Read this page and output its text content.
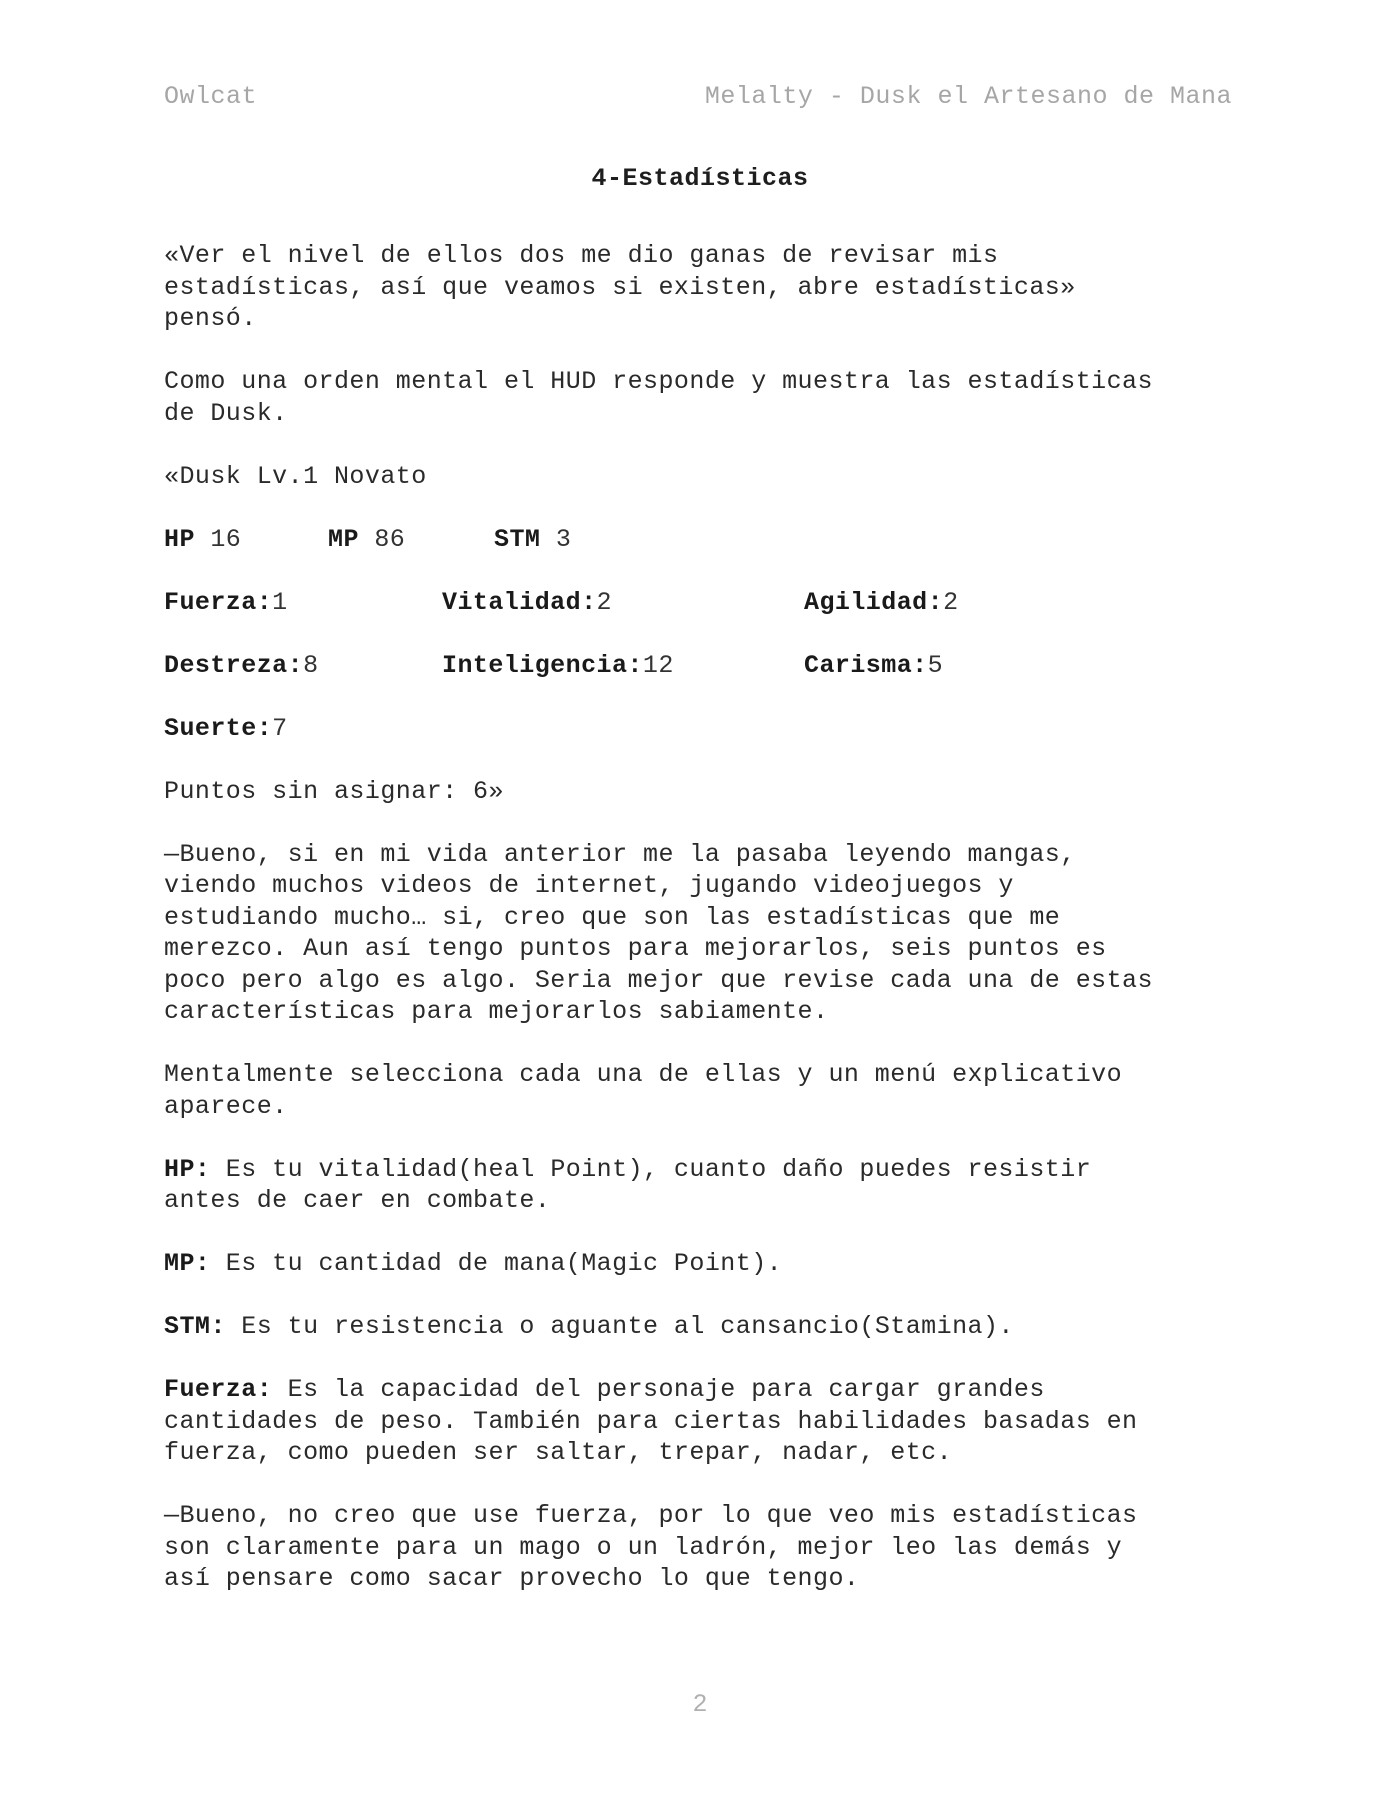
Owlcat	Melalty - Dusk el Artesano de Mana
4-Estadísticas

«Ver el nivel de ellos dos me dio ganas de revisar mis
estadísticas, así que veamos si existen, abre estadísticas»
pensó.

Como una orden mental el HUD responde y muestra las estadísticas
de Dusk.

«Dusk Lv.1 Novato

HP 16	MP 86	STM 3
Fuerza:1	Vitalidad:2	Agilidad:2
Destreza:8	Inteligencia:12	Carisma:5
Suerte:7

Puntos sin asignar: 6»

—Bueno, si en mi vida anterior me la pasaba leyendo mangas,
viendo muchos videos de internet, jugando videojuegos y
estudiando mucho… si, creo que son las estadísticas que me
merezco. Aun así tengo puntos para mejorarlos, seis puntos es
poco pero algo es algo. Seria mejor que revise cada una de estas
características para mejorarlos sabiamente.

Mentalmente selecciona cada una de ellas y un menú explicativo
aparece.

HP: Es tu vitalidad(heal Point), cuanto daño puedes resistir
antes de caer en combate.

MP: Es tu cantidad de mana(Magic Point).

STM: Es tu resistencia o aguante al cansancio(Stamina).

Fuerza: Es la capacidad del personaje para cargar grandes
cantidades de peso. También para ciertas habilidades basadas en
fuerza, como pueden ser saltar, trepar, nadar, etc.

—Bueno, no creo que use fuerza, por lo que veo mis estadísticas
son claramente para un mago o un ladrón, mejor leo las demás y
así pensare como sacar provecho lo que tengo.

2
